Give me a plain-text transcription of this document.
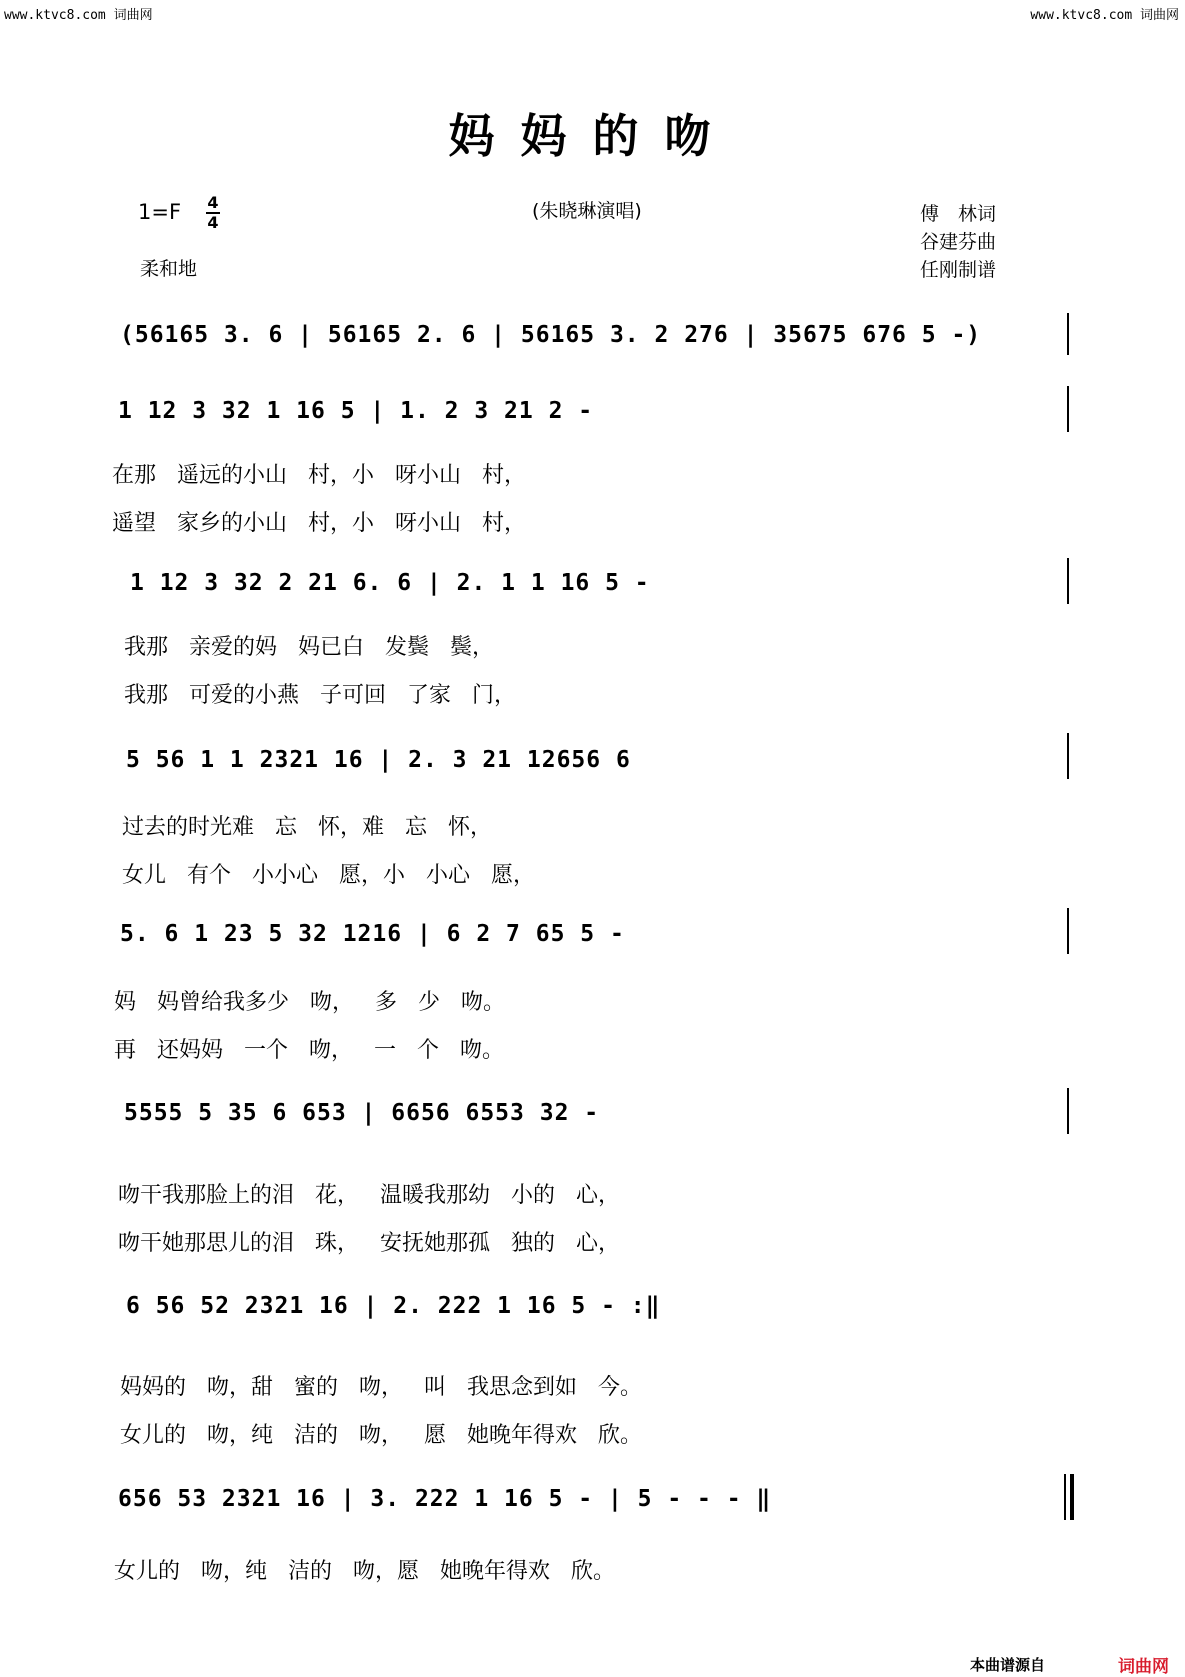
www.ktvc8.com 词曲网	www.ktvc8.com 词曲网
妈妈的吻
1=F 4
4
柔和地
(朱晓琳演唱)	傅　林词
谷建芬曲
任刚制谱
(56165 3. 6 | 56165 2. 6 | 56165 3. 2 276 | 35675 676 5 -)
1 12 3 32 1 16 5 | 1. 2 3 21 2 -
在那 遥远的小山 村，小 呀小山 村，
遥望 家乡的小山 村，小 呀小山 村，
1 12 3 32 2 21 6. 6 | 2. 1 1 16 5 -
我那 亲爱的妈 妈已白 发鬓 鬓，
我那 可爱的小燕 子可回 了家 门，
5 56 1 1 2321 16 | 2. 3 21 12656 6
过去的时光难 忘 怀，难 忘 怀，
女儿 有个 小小心 愿，小 小心 愿，
5. 6 1 23 5 32 1216 | 6 2 7 65 5 -
妈 妈曾给我多少 吻， 多 少 吻。
再 还妈妈 一个 吻， 一 个 吻。
5555 5 35 6 653 | 6656 6553 32 -
吻干我那脸上的泪 花， 温暖我那幼 小的 心，
吻干她那思儿的泪 珠， 安抚她那孤 独的 心，
6 56 52 2321 16 | 2. 222 1 16 5 - :‖
妈妈的 吻，甜 蜜的 吻， 叫 我思念到如 今。
女儿的 吻，纯 洁的 吻， 愿 她晚年得欢 欣。
656 53 2321 16 | 3. 222 1 16 5 - | 5 - - - ‖
女儿的 吻，纯 洁的 吻，愿 她晚年得欢 欣。
本曲谱源自	词曲网
